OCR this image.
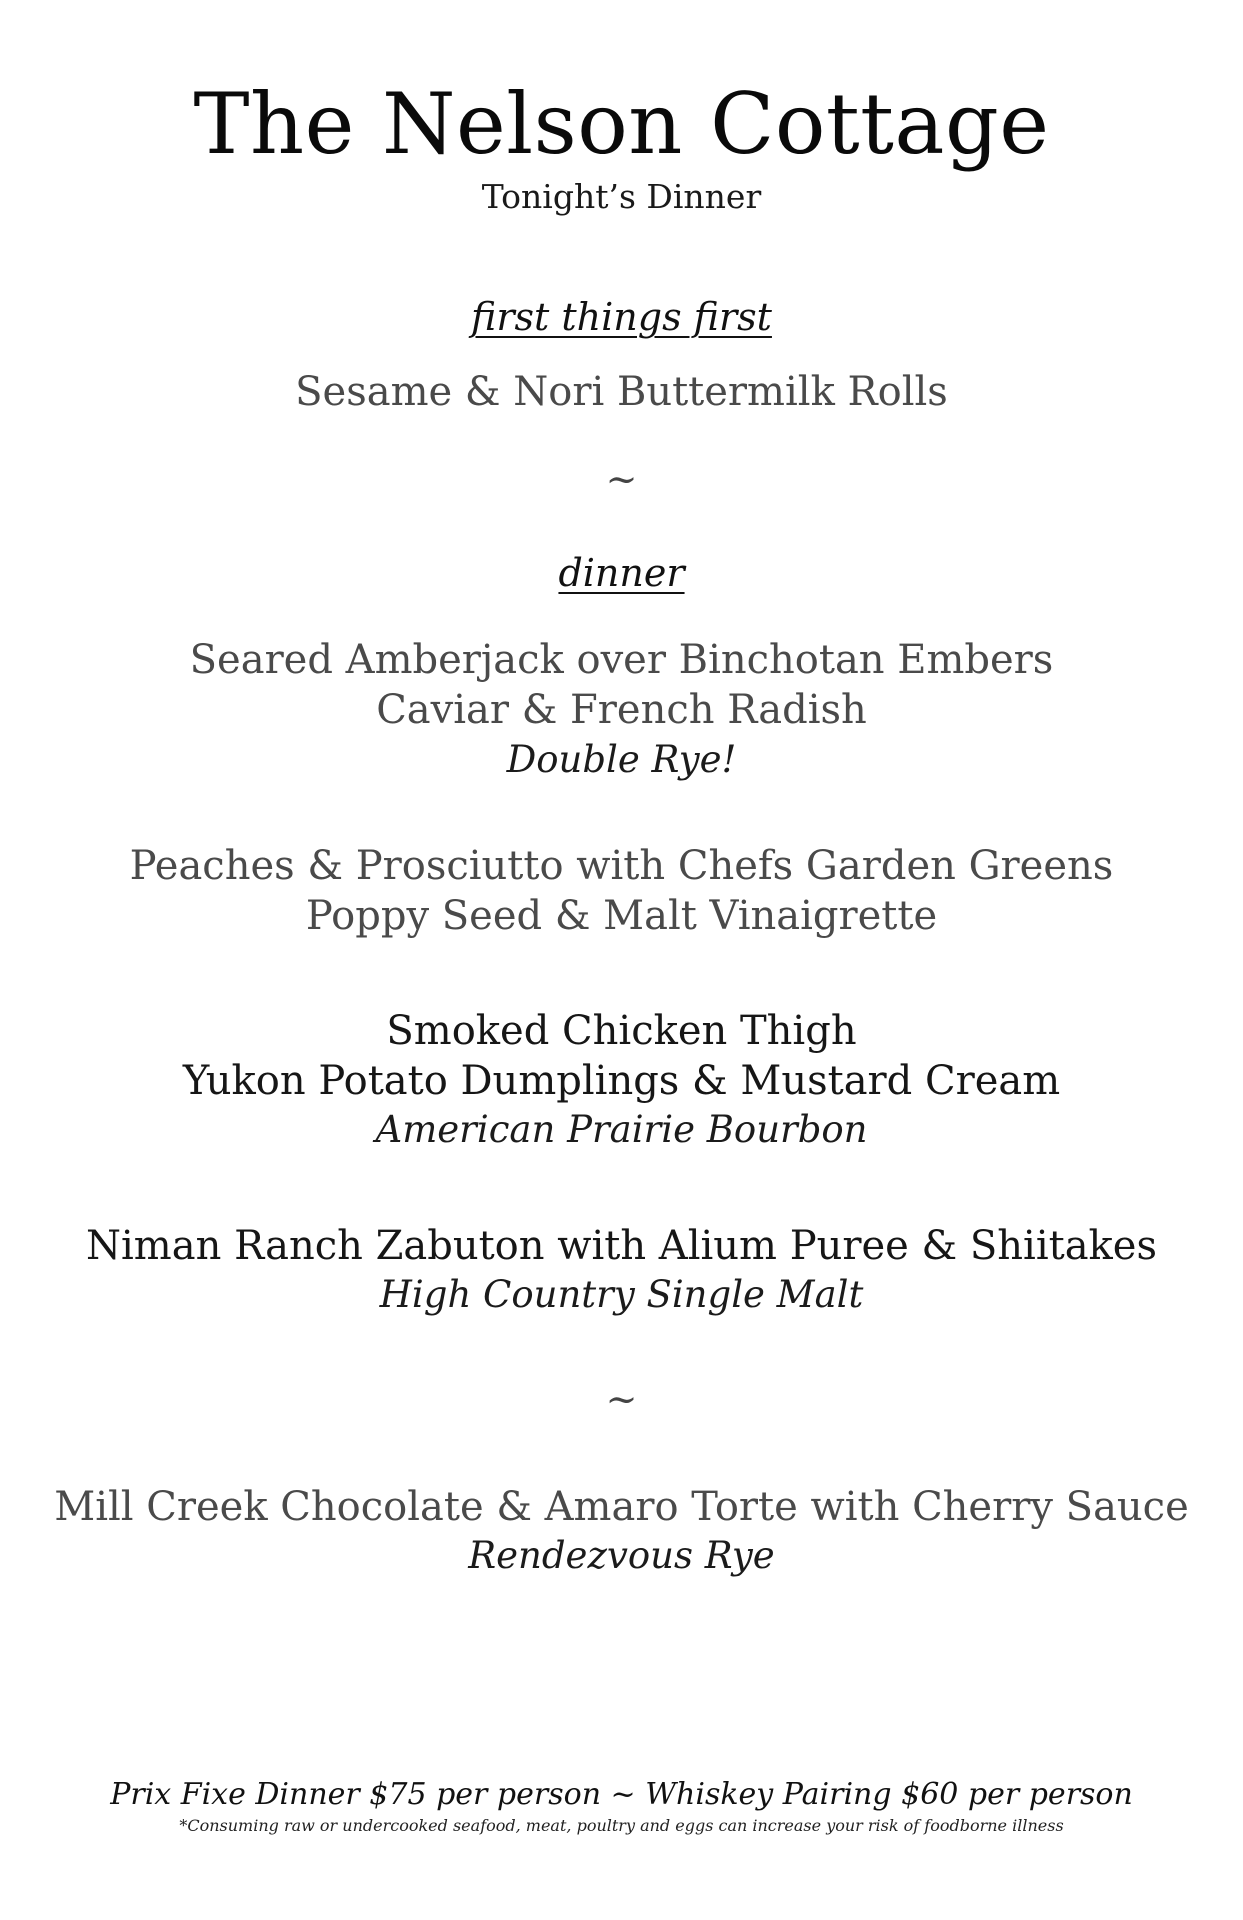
The Nelson Cottage
Tonight’s Dinner
first things first
Sesame & Nori Buttermilk Rolls
~
dinner
Seared Amberjack over Binchotan Embers
Caviar & French Radish
Double Rye!
Peaches & Prosciutto with Chefs Garden Greens
Poppy Seed & Malt Vinaigrette
Smoked Chicken Thigh
Yukon Potato Dumplings & Mustard Cream
American Prairie Bourbon
Niman Ranch Zabuton with Alium Puree & Shiitakes
High Country Single Malt
~
Mill Creek Chocolate & Amaro Torte with Cherry Sauce
Rendezvous Rye
Prix Fixe Dinner $75 per person ~ Whiskey Pairing $60 per person
*Consuming raw or undercooked seafood, meat, poultry and eggs can increase your risk of foodborne illness
